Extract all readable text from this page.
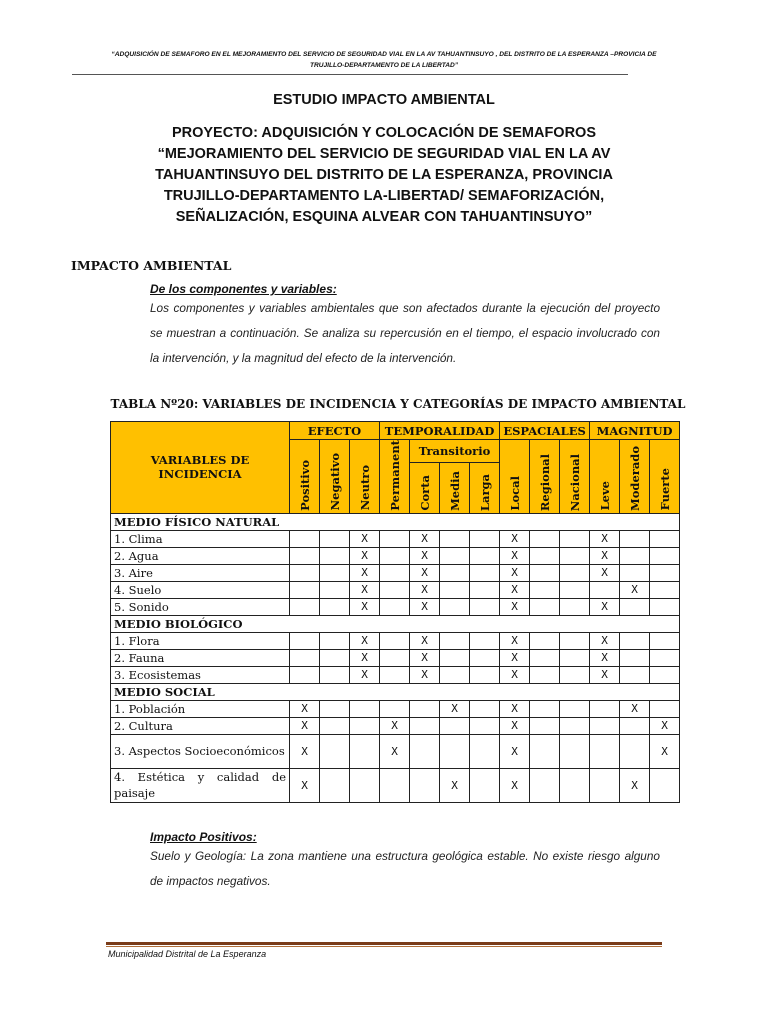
“ADQUISICIÓN DE SEMAFORO EN EL MEJORAMIENTO DEL SERVICIO DE SEGURIDAD VIAL EN LA AV TAHUANTINSUYO , DEL DISTRITO DE LA ESPERANZA –PROVICIA DE
TRUJILLO-DEPARTAMENTO DE LA LIBERTAD”
ESTUDIO IMPACTO AMBIENTAL
PROYECTO: ADQUISICIÓN Y COLOCACIÓN DE SEMAFOROS
“MEJORAMIENTO DEL SERVICIO DE SEGURIDAD VIAL EN LA AV
TAHUANTINSUYO DEL DISTRITO DE LA ESPERANZA, PROVINCIA
TRUJILLO-DEPARTAMENTO LA-LIBERTAD/ SEMAFORIZACIÓN,
SEÑALIZACIÓN, ESQUINA ALVEAR CON TAHUANTINSUYO”
IMPACTO AMBIENTAL
De los componentes y variables:
Los componentes y variables ambientales que son afectados durante la ejecución del proyecto se muestran a continuación. Se analiza su repercusión en el tiempo, el espacio involucrado con la intervención, y la magnitud del efecto de la intervención.
TABLA Nº20: VARIABLES DE INCIDENCIA Y CATEGORÍAS DE IMPACTO AMBIENTAL
VARIABLES DE INCIDENCIA	EFECTO			TEMPORALIDAD				ESPACIALES			MAGNITUD		

	Positivo	Negativo	Neutro	Permanent	Transitorio			Local	Regional	Nacional	Leve	Moderado	Fuerte

					Corta	Media	Larga						

MEDIO FÍSICO NATURAL													
1. Clima			X		X			X			X		
2. Agua			X		X			X			X		
3. Aire			X		X			X			X		
4. Suelo			X		X			X				X	
5. Sonido			X		X			X			X		
MEDIO BIOLÓGICO													
1. Flora			X		X			X			X		
2. Fauna			X		X			X			X		
3. Ecosistemas			X		X			X			X		
MEDIO SOCIAL													
1. Población	X					X		X				X	
2. Cultura	X			X				X					X
3. Aspectos Socioeconómicos	X			X				X					X
4. Estética y calidad de paisaje	X					X		X				X	
Impacto Positivos:
Suelo y Geología: La zona mantiene una estructura geológica estable. No existe riesgo alguno de impactos negativos.
Municipalidad Distrital de La Esperanza
